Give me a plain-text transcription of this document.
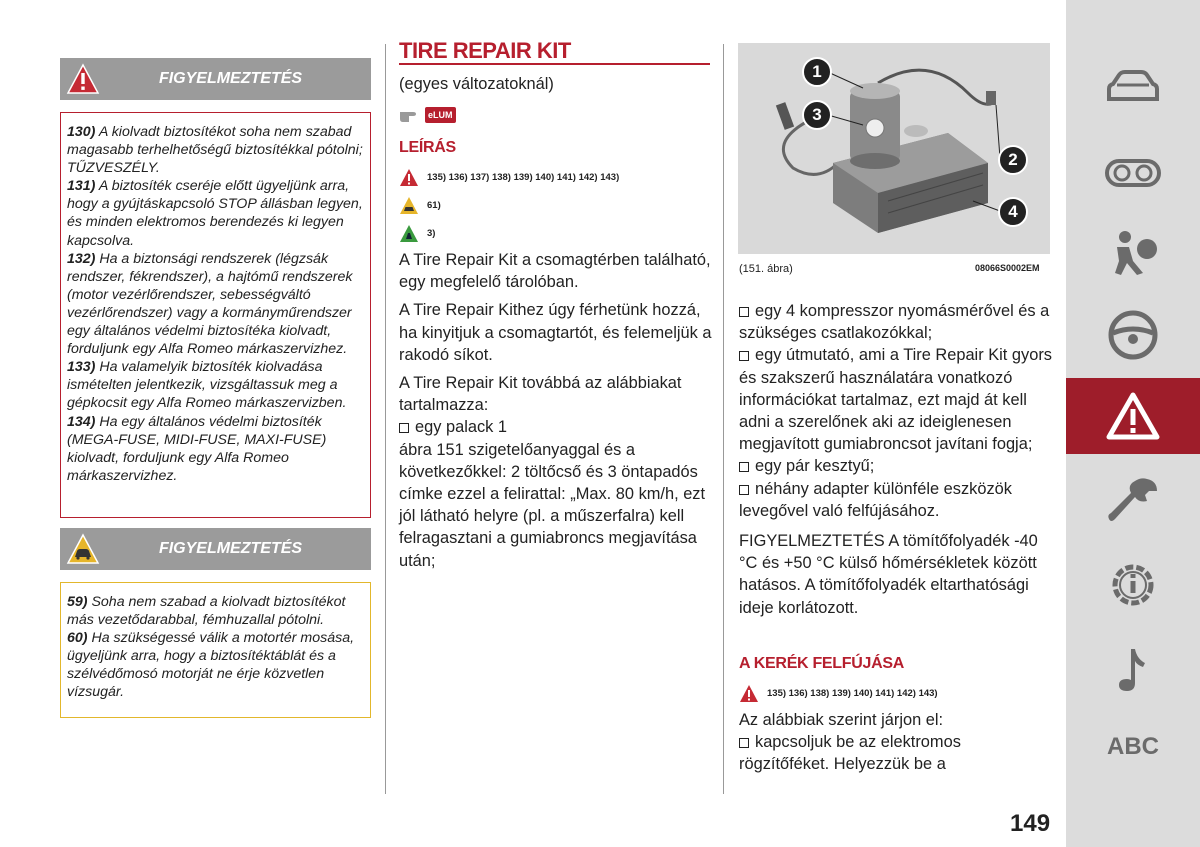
FIGYELMEZTETÉS

130) A kiolvadt biztosítékot soha nem szabad magasabb terhelhetőségű biztosítékkal pótolni; TŰZVESZÉLY.

131) A biztosíték cseréje előtt ügyeljünk arra, hogy a gyújtáskapcsoló STOP állásban legyen, és minden elektromos berendezés ki legyen kapcsolva.

132) Ha a biztonsági rendszerek (légzsák rendszer, fékrendszer), a hajtómű rendszerek (motor vezérlőrendszer, sebességváltó vezérlőrendszer) vagy a kormányműrendszer egy általános védelmi biztosítéka kiolvadt, forduljunk egy Alfa Romeo márkaszervizhez.

133) Ha valamelyik biztosíték kiolvadása ismételten jelentkezik, vizsgáltassuk meg a gépkocsit egy Alfa Romeo márkaszervizben.

134) Ha egy általános védelmi biztosíték (MEGA-FUSE, MIDI-FUSE, MAXI-FUSE) kiolvadt, forduljunk egy Alfa Romeo márkaszervizhez.

FIGYELMEZTETÉS

59) Soha nem szabad a kiolvadt biztosítékot más vezetődarabbal, fémhuzallal pótolni.

60) Ha szükségessé válik a motortér mosása, ügyeljünk arra, hogy a biztosítéktáblát és a szélvédőmosó motorját ne érje közvetlen vízsugár.

TIRE REPAIR KIT
(egyes változatoknál)
eLUM
LEÍRÁS
135) 136) 137) 138) 139) 140) 141) 142) 143)
61)
3)

A Tire Repair Kit a csomagtérben található, egy megfelelő tárolóban.

A Tire Repair Kithez úgy férhetünk hozzá, ha kinyitjuk a csomagtartót, és felemeljük a rakodó síkot.

A Tire Repair Kit továbbá az alábbiakat tartalmazza:

egy palack 1

ábra 151 szigetelőanyaggal és a következőkkel: 2 töltőcső és 3 öntapadós címke ezzel a felirattal: „Max. 80 km/h, ezt jól látható helyre (pl. a műszerfalra) kell felragasztani a gumiabroncs megjavítása után;

1
2
3
4
(151. ábra)	08066S0002EM
egy 4 kompresszor nyomásmérővel és a szükséges csatlakozókkal;
egy útmutató, ami a Tire Repair Kit gyors és szakszerű használatára vonatkozó információkat tartalmaz, ezt majd át kell adni a szerelőnek aki az ideiglenesen megjavított gumiabroncsot javítani fogja;
egy pár kesztyű;
néhány adapter különféle eszközök levegővel való felfújásához.

FIGYELMEZTETÉS A tömítőfolyadék -40 °C és +50 °C külső hőmérsékletek között hatásos. A tömítőfolyadék eltarthatósági ideje korlátozott.

A KERÉK FELFÚJÁSA
135) 136) 138) 139) 140) 141) 142) 143)
Az alábbiak szerint járjon el:
kapcsoljuk be az elektromos rögzítőféket. Helyezzük be a
149
ABC
